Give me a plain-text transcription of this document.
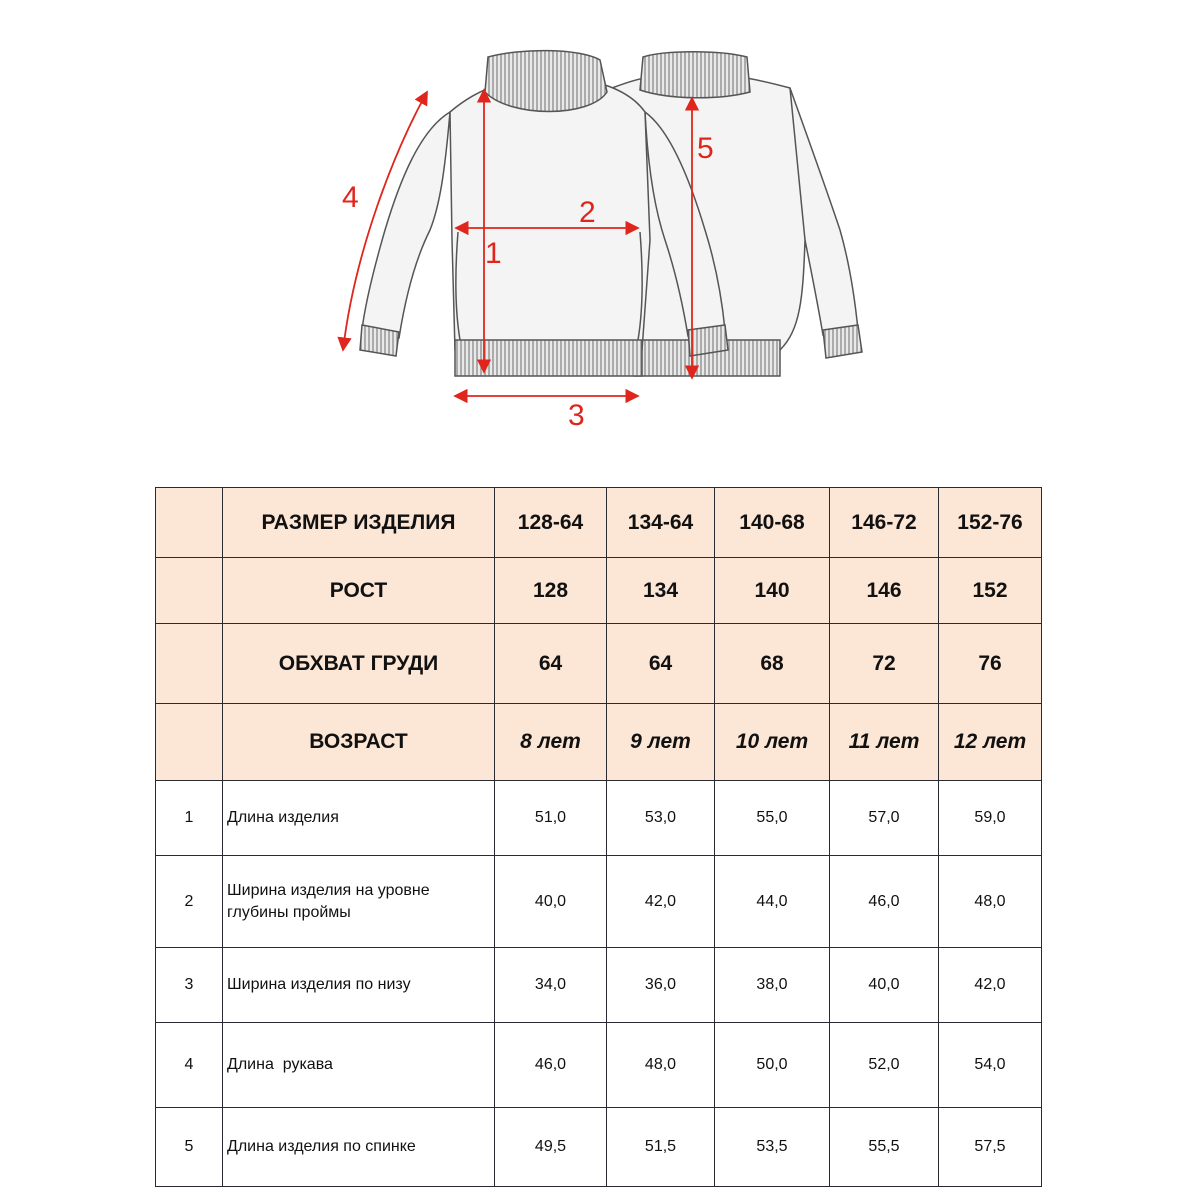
1
2
3
4
5
	РАЗМЕР ИЗДЕЛИЯ	128-64	134-64	140-68	146-72	152-76
	РОСТ	128	134	140	146	152
	ОБХВАТ ГРУДИ	64	64	68	72	76
	ВОЗРАСТ	8 лет	9 лет	10 лет	11 лет	12 лет
1	Длина изделия	51,0	53,0	55,0	57,0	59,0
2	Ширина изделия на уровне глубины проймы	40,0	42,0	44,0	46,0	48,0
3	Ширина изделия по низу	34,0	36,0	38,0	40,0	42,0
4	Длина  рукава	46,0	48,0	50,0	52,0	54,0
5	Длина изделия по спинке	49,5	51,5	53,5	55,5	57,5
